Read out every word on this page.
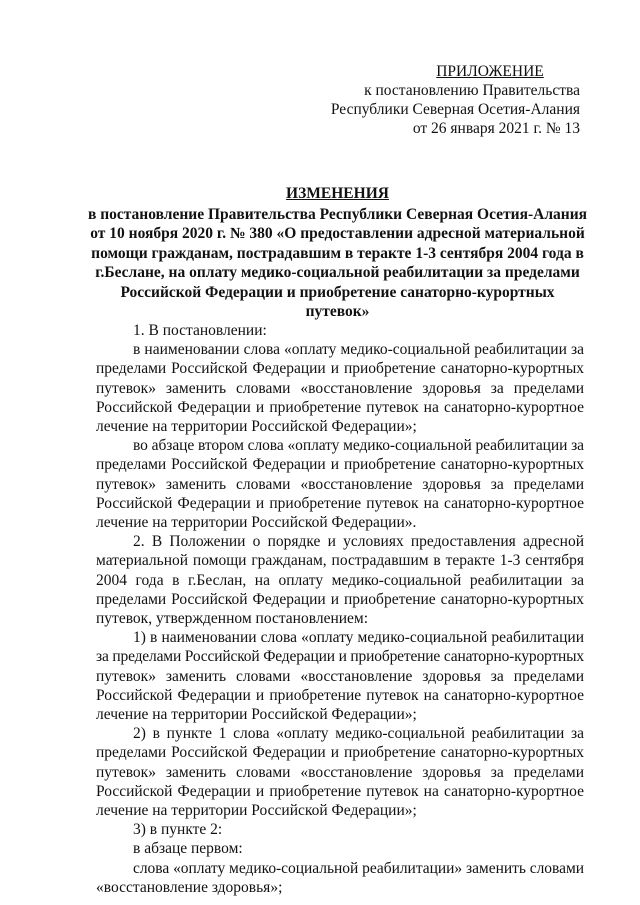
ПРИЛОЖЕНИЕ
к постановлению Правительства
Республики Северная Осетия-Алания
от 26 января 2021 г. № 13
ИЗМЕНЕНИЯ
в постановление Правительства Республики Северная Осетия-Алания
от 10 ноября 2020 г. № 380 «О предоставлении адресной материальной
помощи гражданам, пострадавшим в теракте 1-3 сентября 2004 года в
г.Беслане, на оплату медико-социальной реабилитации за пределами
Российской Федерации и приобретение санаторно-курортных
путевок»
1. В постановлении:
в наименовании слова «оплату медико-социальной реабилитации за
пределами Российской Федерации и приобретение санаторно-курортных
путевок» заменить словами «восстановление здоровья за пределами
Российской Федерации и приобретение путевок на санаторно-курортное
лечение на территории Российской Федерации»;
во абзаце втором слова «оплату медико-социальной реабилитации за
пределами Российской Федерации и приобретение санаторно-курортных
путевок» заменить словами «восстановление здоровья за пределами
Российской Федерации и приобретение путевок на санаторно-курортное
лечение на территории Российской Федерации».
2. В Положении о порядке и условиях предоставления адресной
материальной помощи гражданам, пострадавшим в теракте 1-3 сентября
2004 года в г.Беслан, на оплату медико-социальной реабилитации за
пределами Российской Федерации и приобретение санаторно-курортных
путевок, утвержденном постановлением:
1) в наименовании слова «оплату медико-социальной реабилитации
за пределами Российской Федерации и приобретение санаторно-курортных
путевок» заменить словами «восстановление здоровья за пределами
Российской Федерации и приобретение путевок на санаторно-курортное
лечение на территории Российской Федерации»;
2) в пункте 1 слова «оплату медико-социальной реабилитации за
пределами Российской Федерации и приобретение санаторно-курортных
путевок» заменить словами «восстановление здоровья за пределами
Российской Федерации и приобретение путевок на санаторно-курортное
лечение на территории Российской Федерации»;
3) в пункте 2:
в абзаце первом:
слова «оплату медико-социальной реабилитации» заменить словами
«восстановление здоровья»;
